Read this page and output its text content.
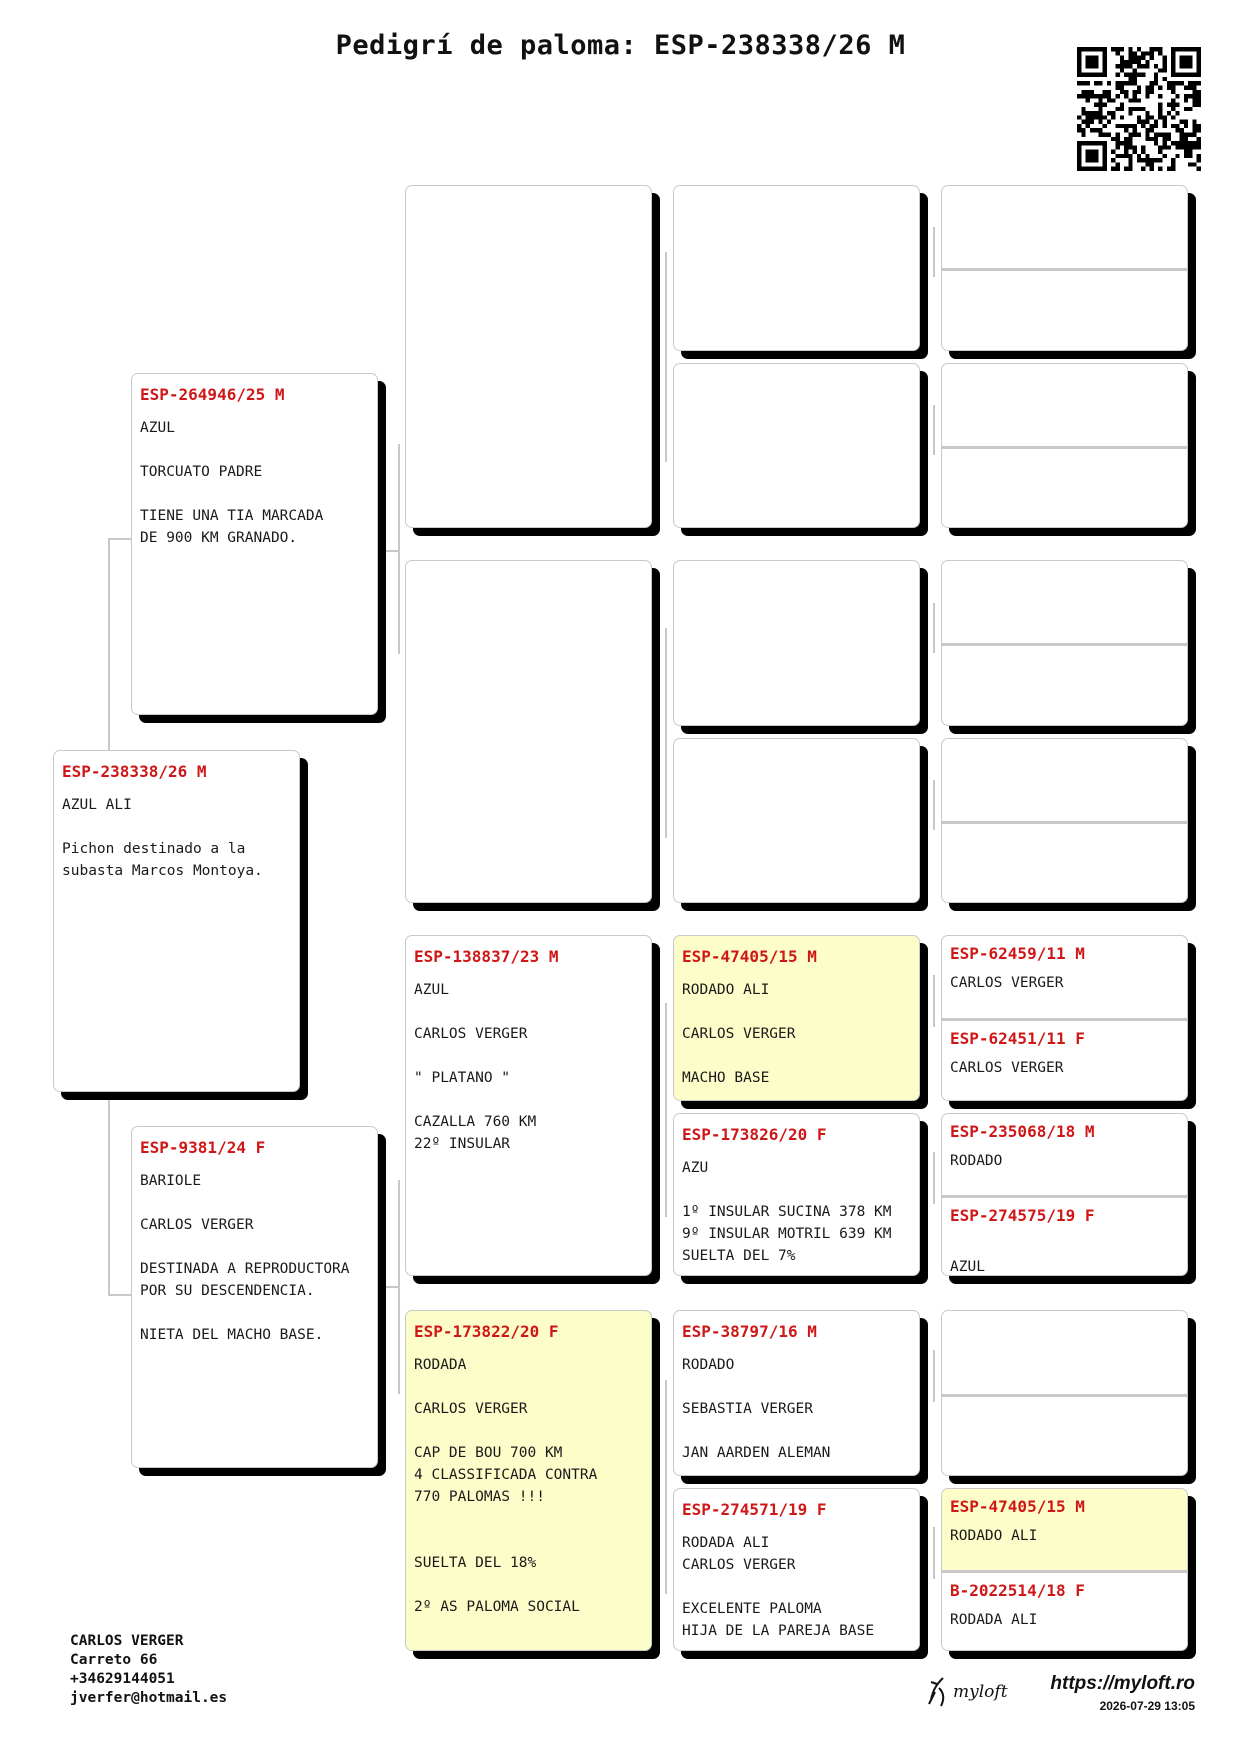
Pedigrí de paloma: ESP-238338/26 M
ESP-238338/26 M
AZUL ALI

Pichon destinado a la
subasta Marcos Montoya.
ESP-264946/25 M
AZUL

TORCUATO PADRE

TIENE UNA TIA MARCADA
DE 900 KM GRANADO.
ESP-9381/24 F
BARIOLE

CARLOS VERGER

DESTINADA A REPRODUCTORA
POR SU DESCENDENCIA.

NIETA DEL MACHO BASE.
ESP-138837/23 M
AZUL

CARLOS VERGER

" PLATANO "

CAZALLA 760 KM
22º INSULAR
ESP-173822/20 F
RODADA

CARLOS VERGER

CAP DE BOU 700 KM
4 CLASSIFICADA CONTRA
770 PALOMAS !!!

SUELTA DEL 18%

2º AS PALOMA SOCIAL
ESP-47405/15 M
RODADO ALI

CARLOS VERGER

MACHO BASE
ESP-173826/20 F
AZU

1º INSULAR SUCINA 378 KM
9º INSULAR MOTRIL 639 KM
SUELTA DEL 7%
ESP-38797/16 M
RODADO

SEBASTIA VERGER

JAN AARDEN ALEMAN
ESP-274571/19 F
RODADA ALI
CARLOS VERGER

EXCELENTE PALOMA
HIJA DE LA PAREJA BASE
ESP-62459/11 M
CARLOS VERGER
ESP-62451/11 F
CARLOS VERGER
ESP-235068/18 M
RODADO
ESP-274575/19 F

AZUL
ESP-47405/15 M
RODADO ALI
B-2022514/18 F
RODADA ALI
CARLOS VERGER
Carreto 66
+34629144051
jverfer@hotmail.es	myloft https://myloft.ro
2026-07-29 13:05
